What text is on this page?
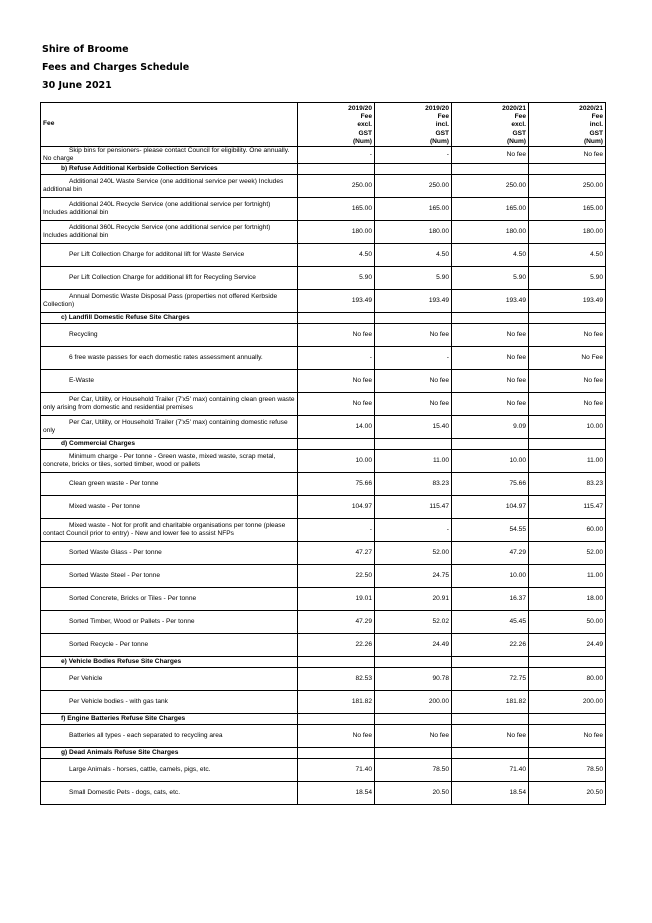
Shire of Broome
Fees and Charges Schedule
30 June 2021
Fee	2019/20
Fee
excl.
GST
(Num)	2019/20
Fee
incl.
GST
(Num)	2020/21
Fee
excl.
GST
(Num)	2020/21
Fee
incl.
GST
(Num)
Skip bins for pensioners- please contact Council for eligibility. One annually. No charge	-	-	No fee	No fee
b) Refuse Additional Kerbside Collection Services				
Additional 240L Waste Service (one additional service per week) Includes additional bin	250.00	250.00	250.00	250.00
Additional 240L Recycle Service (one additional service per fortnight) Includes additional bin	165.00	165.00	165.00	165.00
Additional 360L Recycle Service (one additional service per fortnight) Includes additional bin	180.00	180.00	180.00	180.00
Per Lift Collection Charge for additonal lift for Waste Service	4.50	4.50	4.50	4.50
Per Lift Collection Charge for additional lift for Recycling Service	5.90	5.90	5.90	5.90
Annual Domestic Waste Disposal Pass (properties not offered Kerbside Collection)	193.49	193.49	193.49	193.49
c) Landfill Domestic Refuse Site Charges				
Recycling	No fee	No fee	No fee	No fee
6 free waste passes for each domestic rates assessment annually.	-	-	No fee	No Fee
E-Waste	No fee	No fee	No fee	No fee
Per Car, Utility, or Household Trailer (7'x5' max) containing clean green waste only arising from domestic and residential premises	No fee	No fee	No fee	No fee
Per Car, Utility, or Household Trailer (7'x5' max) containing domestic refuse only	14.00	15.40	9.09	10.00
d) Commercial Charges				
Minimum charge - Per tonne - Green waste, mixed waste, scrap metal, concrete, bricks or tiles, sorted timber, wood or pallets	10.00	11.00	10.00	11.00
Clean green waste - Per tonne	75.66	83.23	75.66	83.23
Mixed waste - Per tonne	104.97	115.47	104.97	115.47
Mixed waste - Not for profit and charitable organisations per tonne (please contact Council prior to entry) - New and lower fee to assist NFPs	-	-	54.55	60.00
Sorted Waste Glass - Per tonne	47.27	52.00	47.29	52.00
Sorted Waste Steel - Per tonne	22.50	24.75	10.00	11.00
Sorted Concrete, Bricks or Tiles - Per tonne	19.01	20.91	16.37	18.00
Sorted Timber, Wood or Pallets - Per tonne	47.29	52.02	45.45	50.00
Sorted Recycle - Per tonne	22.26	24.49	22.26	24.49
e) Vehicle Bodies Refuse Site Charges				
Per Vehicle	82.53	90.78	72.75	80.00
Per Vehicle bodies - with gas tank	181.82	200.00	181.82	200.00
f) Engine Batteries Refuse Site Charges				
Batteries all types - each separated to recycling area	No fee	No fee	No fee	No fee
g) Dead Animals Refuse Site Charges				
Large Animals - horses, cattle, camels, pigs, etc.	71.40	78.50	71.40	78.50
Small Domestic Pets - dogs, cats, etc.	18.54	20.50	18.54	20.50
